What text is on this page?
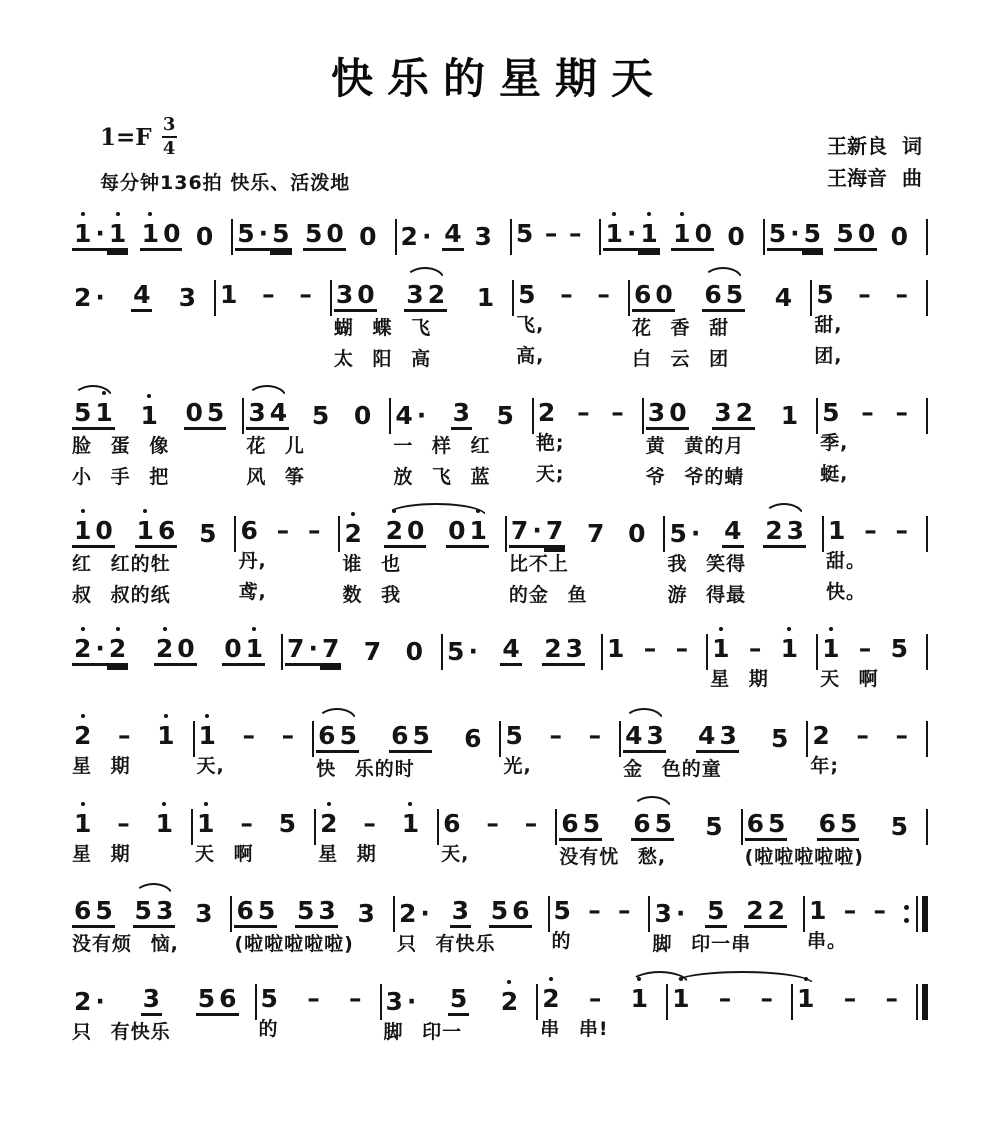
快乐的星期天
$1=F \frac{3}{4}$
每分钟136拍 快乐、活泼地
王新良 词
王海音 曲
1 · 1 1 0 0 5 · 5 5 0 0 2 · 4 3 5 – – 1 · 1 1 0 0 5 · 5 5 0 0
2 · 4 3 1 – – 3 0 3 2 1
蝴 蝶 飞
太 阳 高
5 – –
飞,
高,
6 0 6 5 4
花 香 甜
白 云 团
5 – –
甜,
团,
5 1 1 0 5
脸 蛋 像
小 手 把
3 4 5 0
花 儿
风 筝
4 · 3 5
一 样 红
放 飞 蓝
2 – –
艳;
天;
3 0 3 2 1
黄 黄的月
爷 爷的蜻
5 – –
季,
蜓,
1 0 1 6 5
红 红的牡
叔 叔的纸
6 – –
丹,
鸢,
2 2 0 0 1
谁 也
数 我
7 · 7 7 0
比不上
的金 鱼
5 · 4 2 3
我 笑得
游 得最
1 – –
甜。
快。
2 · 2 2 0 0 1 7 · 7 7 0 5 · 4 2 3 1 – – 1 – 1
星 期
1 – 5
天 啊
2 – 1
星 期
1 – –
天,
6 5 6 5 6
快 乐的时
5 – –
光,
4 3 4 3 5
金 色的童
2 – –
年;
1 – 1
星 期
1 – 5
天 啊
2 – 1
星 期
6 – –
天,
6 5 6 5 5
没有忧 愁,
6 5 6 5 5
(啦啦啦啦啦)
6 5 5 3 3
没有烦 恼,
6 5 5 3 3
(啦啦啦啦啦)
2 · 3 5 6
只 有快乐
5 – –
的
3 · 5 2 2
脚 印一串
1 – –
串。
2 · 3 5 6
只 有快乐
5 – –
的
3 · 5 2
脚 印一
2 – 1
串 串!
1 – – 1 – –
